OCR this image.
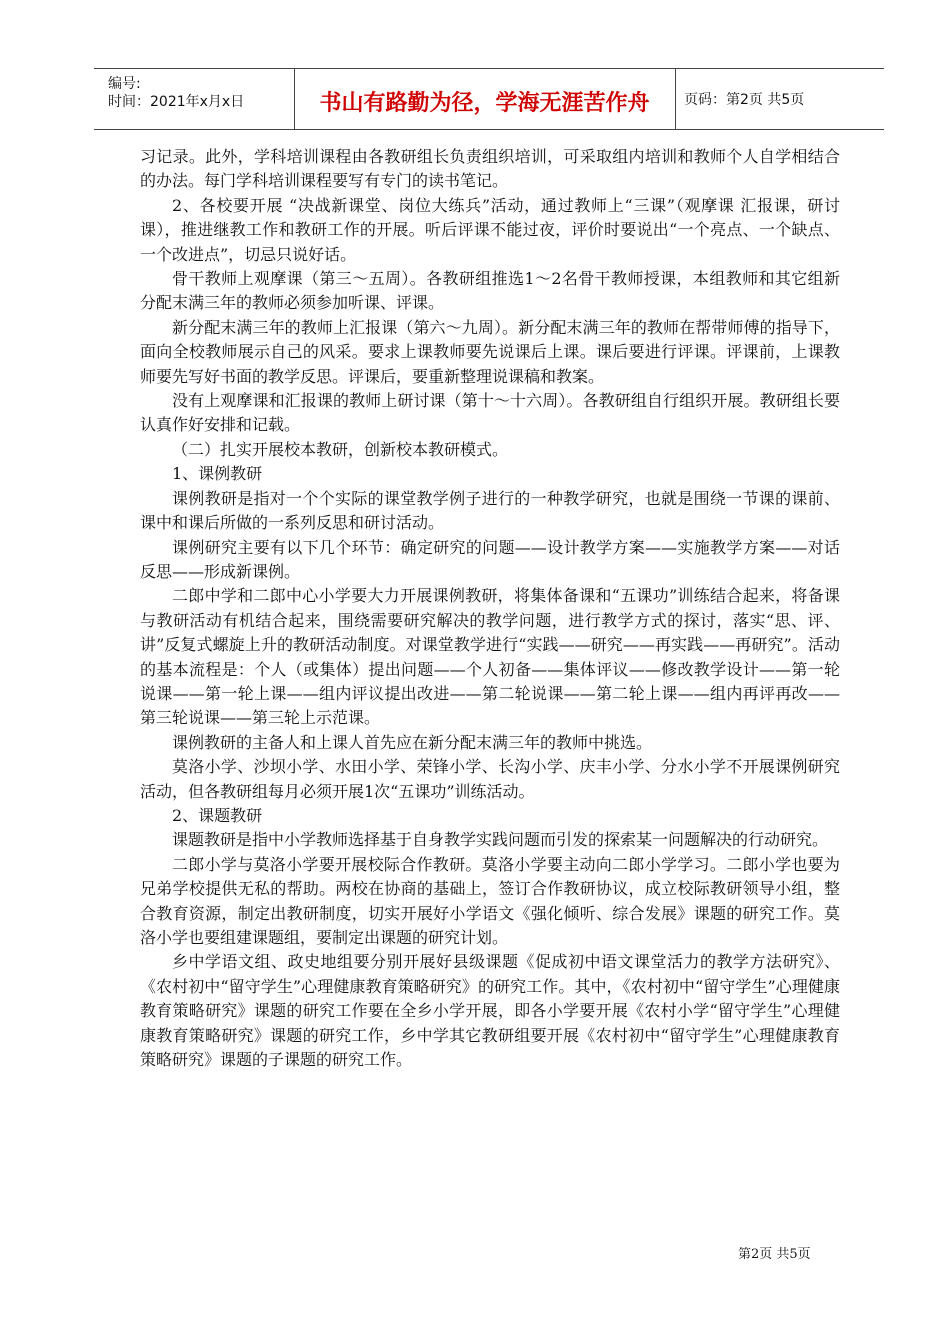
编号:
时间：2021年x月x日	书山有路勤为径，学海无涯苦作舟	页码：第2页 共5页

习记录。此外，学科培训课程由各教研组长负责组织培训，可采取组内培训和教师个人自学相结合的办法。每门学科培训课程要写有专门的读书笔记。

2、各校要开展 “决战新课堂、岗位大练兵”活动，通过教师上“三课”（观摩课 汇报课，研讨课），推进继教工作和教研工作的开展。听后评课不能过夜，评价时要说出“一个亮点、一个缺点、一个改进点”，切忌只说好话。

骨干教师上观摩课（第三～五周）。各教研组推选1～2名骨干教师授课，本组教师和其它组新分配末满三年的教师必须参加听课、评课。

新分配末满三年的教师上汇报课（第六～九周）。新分配末满三年的教师在帮带师傅的指导下，面向全校教师展示自己的风采。要求上课教师要先说课后上课。课后要进行评课。评课前，上课教师要先写好书面的教学反思。评课后，要重新整理说课稿和教案。

没有上观摩课和汇报课的教师上研讨课（第十～十六周）。各教研组自行组织开展。教研组长要认真作好安排和记载。

（二）扎实开展校本教研，创新校本教研模式。

1、课例教研

课例教研是指对一个个实际的课堂教学例子进行的一种教学研究，也就是围绕一节课的课前、课中和课后所做的一系列反思和研讨活动。

课例研究主要有以下几个环节：确定研究的问题——设计教学方案——实施教学方案——对话反思——形成新课例。

二郎中学和二郎中心小学要大力开展课例教研，将集体备课和“五课功”训练结合起来，将备课与教研活动有机结合起来，围绕需要研究解决的教学问题，进行教学方式的探讨，落实“思、评、讲”反复式螺旋上升的教研活动制度。对课堂教学进行“实践——研究——再实践——再研究”。活动的基本流程是：个人（或集体）提出问题——个人初备——集体评议——修改教学设计——第一轮说课——第一轮上课——组内评议提出改进——第二轮说课——第二轮上课——组内再评再改——第三轮说课——第三轮上示范课。

课例教研的主备人和上课人首先应在新分配末满三年的教师中挑选。

莫洛小学、沙坝小学、水田小学、荣锋小学、长沟小学、庆丰小学、分水小学不开展课例研究活动，但各教研组每月必须开展1次“五课功”训练活动。

2、课题教研

课题教研是指中小学教师选择基于自身教学实践问题而引发的探索某一问题解决的行动研究。

二郎小学与莫洛小学要开展校际合作教研。莫洛小学要主动向二郎小学学习。二郎小学也要为兄弟学校提供无私的帮助。两校在协商的基础上，签订合作教研协议，成立校际教研领导小组，整合教育资源，制定出教研制度，切实开展好小学语文《强化倾听、综合发展》课题的研究工作。莫洛小学也要组建课题组，要制定出课题的研究计划。

乡中学语文组、政史地组要分别开展好县级课题《促成初中语文课堂活力的教学方法研究》、《农村初中“留守学生”心理健康教育策略研究》的研究工作。其中，《农村初中“留守学生”心理健康教育策略研究》课题的研究工作要在全乡小学开展，即各小学要开展《农村小学“留守学生”心理健康教育策略研究》课题的研究工作，乡中学其它教研组要开展《农村初中“留守学生”心理健康教育策略研究》课题的子课题的研究工作。

第2页 共5页
